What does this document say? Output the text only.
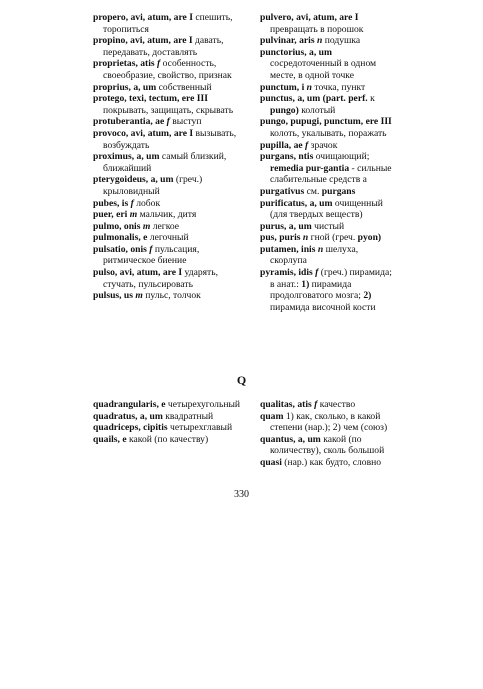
propero, avi, atum, are I спешить, торопиться

propino, avi, atum, are I давать, передавать, доставлять

proprietas, atis f особенность, своеобразие, свойство, признак

proprius, a, um собственный

protego, texi, tectum, ere III покрывать, защищать, скрывать

protuberantia, ae f выступ

provoco, avi, atum, are I вызывать, возбуждать

proximus, a, um самый близкий, ближайший

pterygoideus, a, um (греч.) крыловидный

pubes, is f лобок

puer, eri m мальчик, дитя

pulmo, onis m легкое

pulmonalis, e легочный

pulsatio, onis f пульсация, ритмическое биение

pulso, avi, atum, are I ударять, стучать, пульсировать

pulsus, us m пульс, толчок

pulvero, avi, atum, are I превращать в порошок

pulvinar, aris n подушка

punctorius, a, um сосредоточенный в одном месте, в одной точке

punctum, i n точка, пункт

punctus, a, um (part. perf. к pungo) колотый

pungo, pupugi, punctum, ere III колоть, укалывать, поражать

pupilla, ae f зрачок

purgans, ntis очищающий; remedia pur-gantia - сильные слабительные средств а

purgativus см. purgans

purificatus, a, um очищенный (для твердых веществ)

purus, a, um чистый

pus, puris n гной (греч. pyon)

putamen, inis n шелуха, скорлупа

pyramis, idis f (греч.) пирамида; в анат.: 1) пирамида продолговатого мозга; 2) пирамида височной кости

Q

quadrangularis, e четырехугольный

quadratus, a, um квадратный

quadriceps, cipitis четырехглавый

quails, e какой (по качеству)

qualitas, atis f качество

quam 1) как, сколько, в какой степени (нар.); 2) чем (союз)

quantus, a, um какой (по количеству), сколь большой

quasi (нар.) как будто, словно

330
